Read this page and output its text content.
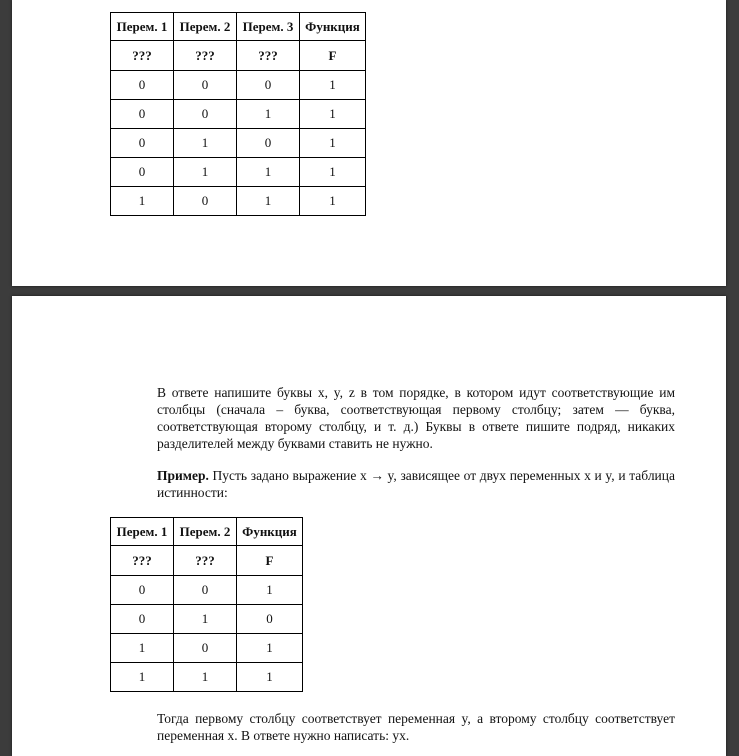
Перем. 1	Перем. 2	Перем. 3	Функция
???	???	???	F
0	0	0	1
0	0	1	1
0	1	0	1
0	1	1	1
1	0	1	1

В ответе напишите буквы x, y, z в том порядке, в котором идут соответствующие им столбцы (сначала – буква, соответствующая первому столбцу; затем — буква, соответствующая второму столбцу, и т. д.) Буквы в ответе пишите подряд, никаких разделителей между буквами ставить не нужно.

Пример. Пусть задано выражение x → y, зависящее от двух переменных x и y, и таблица истинности:

Перем. 1	Перем. 2	Функция
???	???	F
0	0	1
0	1	0
1	0	1
1	1	1

Тогда первому столбцу соответствует переменная y, а второму столбцу соответствует переменная x. В ответе нужно написать: yx.
